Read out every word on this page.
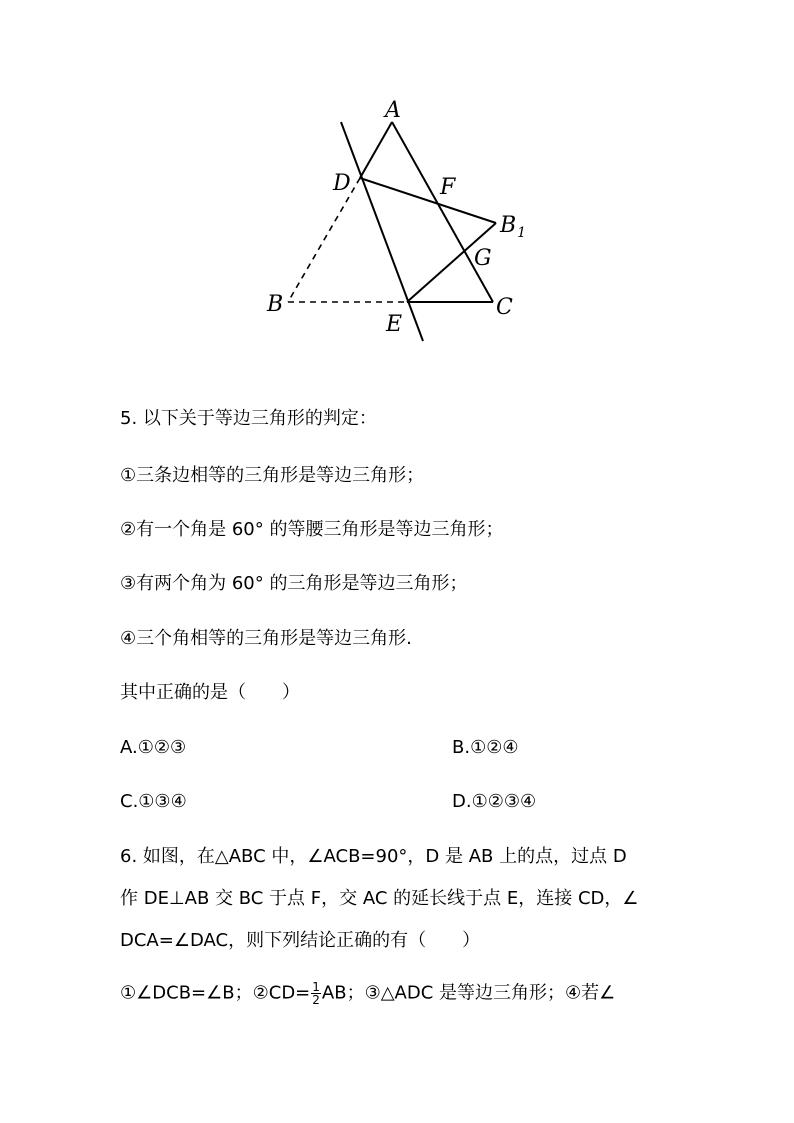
A
D	F
$B_1$
G
B
E
C
5. 以下关于等边三角形的判定：
①三条边相等的三角形是等边三角形；
②有一个角是 60° 的等腰三角形是等边三角形；
③有两个角为 60° 的三角形是等边三角形；
④三个角相等的三角形是等边三角形.
其中正确的是（　　）
A.①②③	B.①②④
C.①③④	D.①②③④
6. 如图，在△ABC 中，∠ACB=90°，D 是 AB 上的点，过点 D
作 DE⊥AB 交 BC 于点 F，交 AC 的延长线于点 E，连接 CD，∠
DCA=∠DAC，则下列结论正确的有（　　）
①∠DCB=∠B；②CD= $\frac{1}{2}$ AB；③△ADC 是等边三角形；④若∠
